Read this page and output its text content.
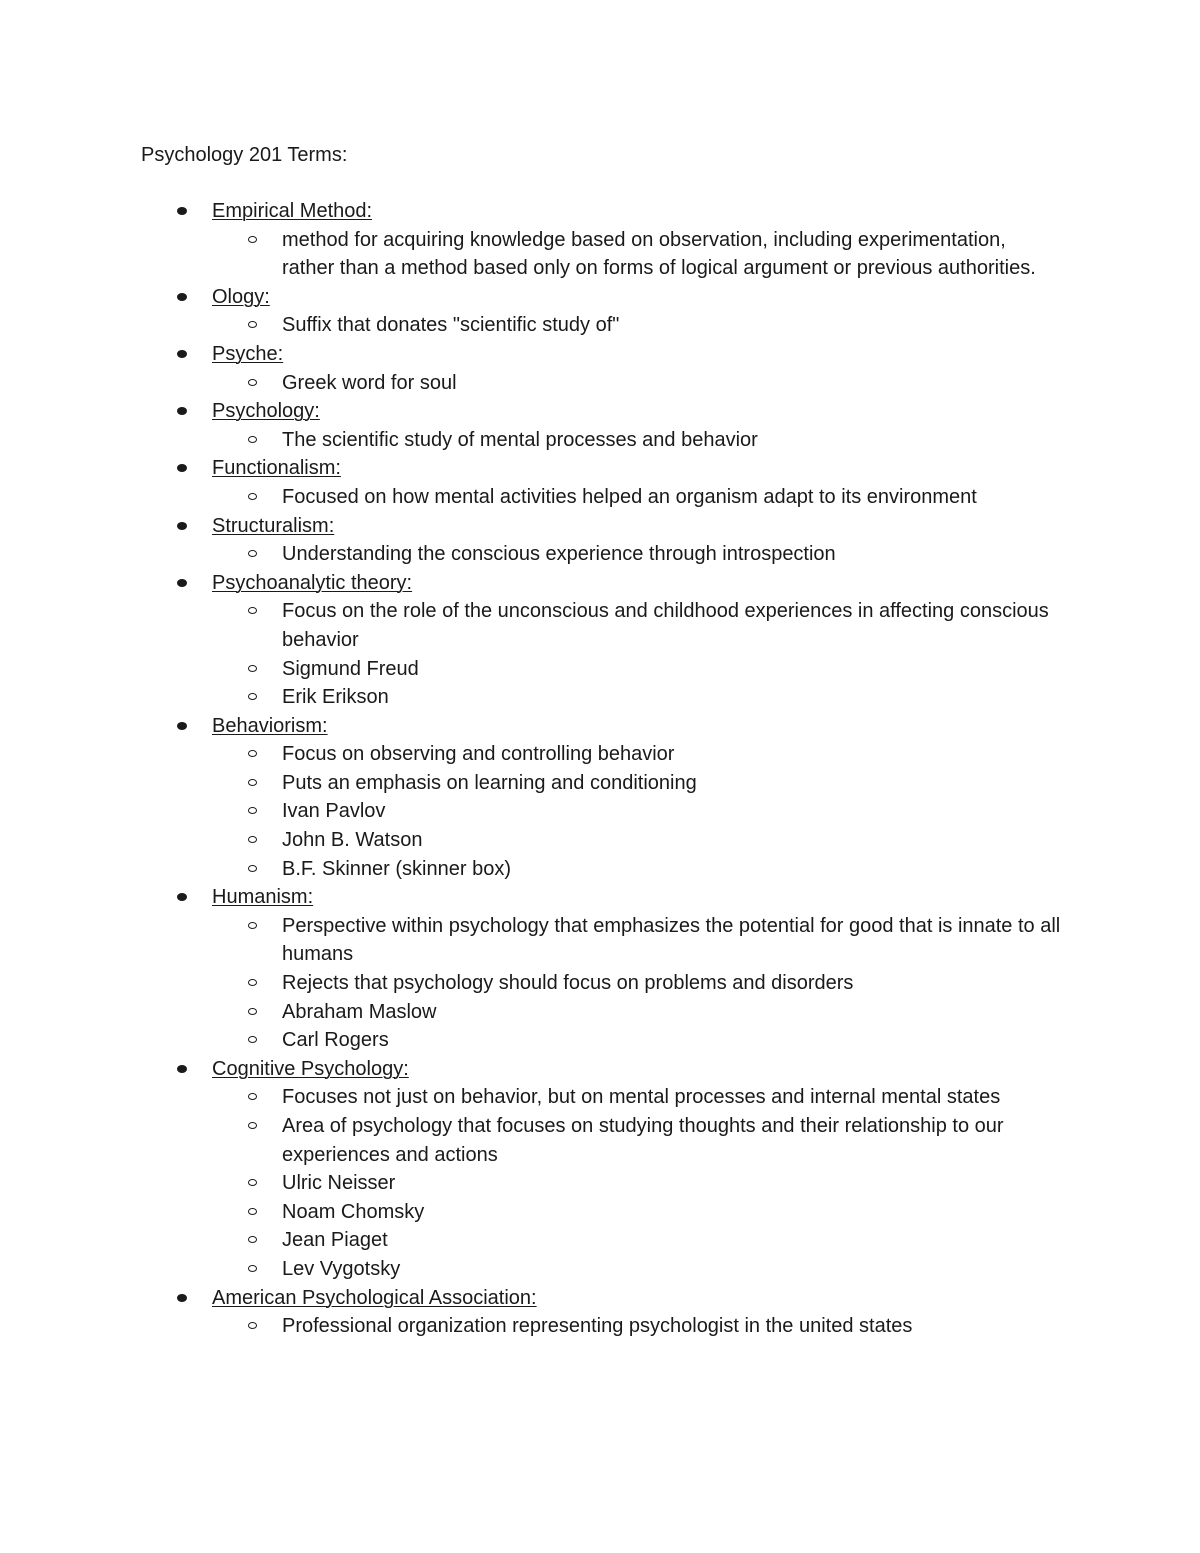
Psychology 201 Terms:
Empirical Method:
method for acquiring knowledge based on observation, including experimentation, rather than a method based only on forms of logical argument or previous authorities.
Ology:
Suffix that donates "scientific study of"
Psyche:
Greek word for soul
Psychology:
The scientific study of mental processes and behavior
Functionalism:
Focused on how mental activities helped an organism adapt to its environment
Structuralism:
Understanding the conscious experience through introspection
Psychoanalytic theory:
Focus on the role of the unconscious and childhood experiences in affecting conscious behavior
Sigmund Freud
Erik Erikson
Behaviorism:
Focus on observing and controlling behavior
Puts an emphasis on learning and conditioning
Ivan Pavlov
John B. Watson
B.F. Skinner (skinner box)
Humanism:
Perspective within psychology that emphasizes the potential for good that is innate to all humans
Rejects that psychology should focus on problems and disorders
Abraham Maslow
Carl Rogers
Cognitive Psychology:
Focuses not just on behavior, but on mental processes and internal mental states
Area of psychology that focuses on studying thoughts and their relationship to our experiences and actions
Ulric Neisser
Noam Chomsky
Jean Piaget
Lev Vygotsky
American Psychological Association:
Professional organization representing psychologist in the united states
